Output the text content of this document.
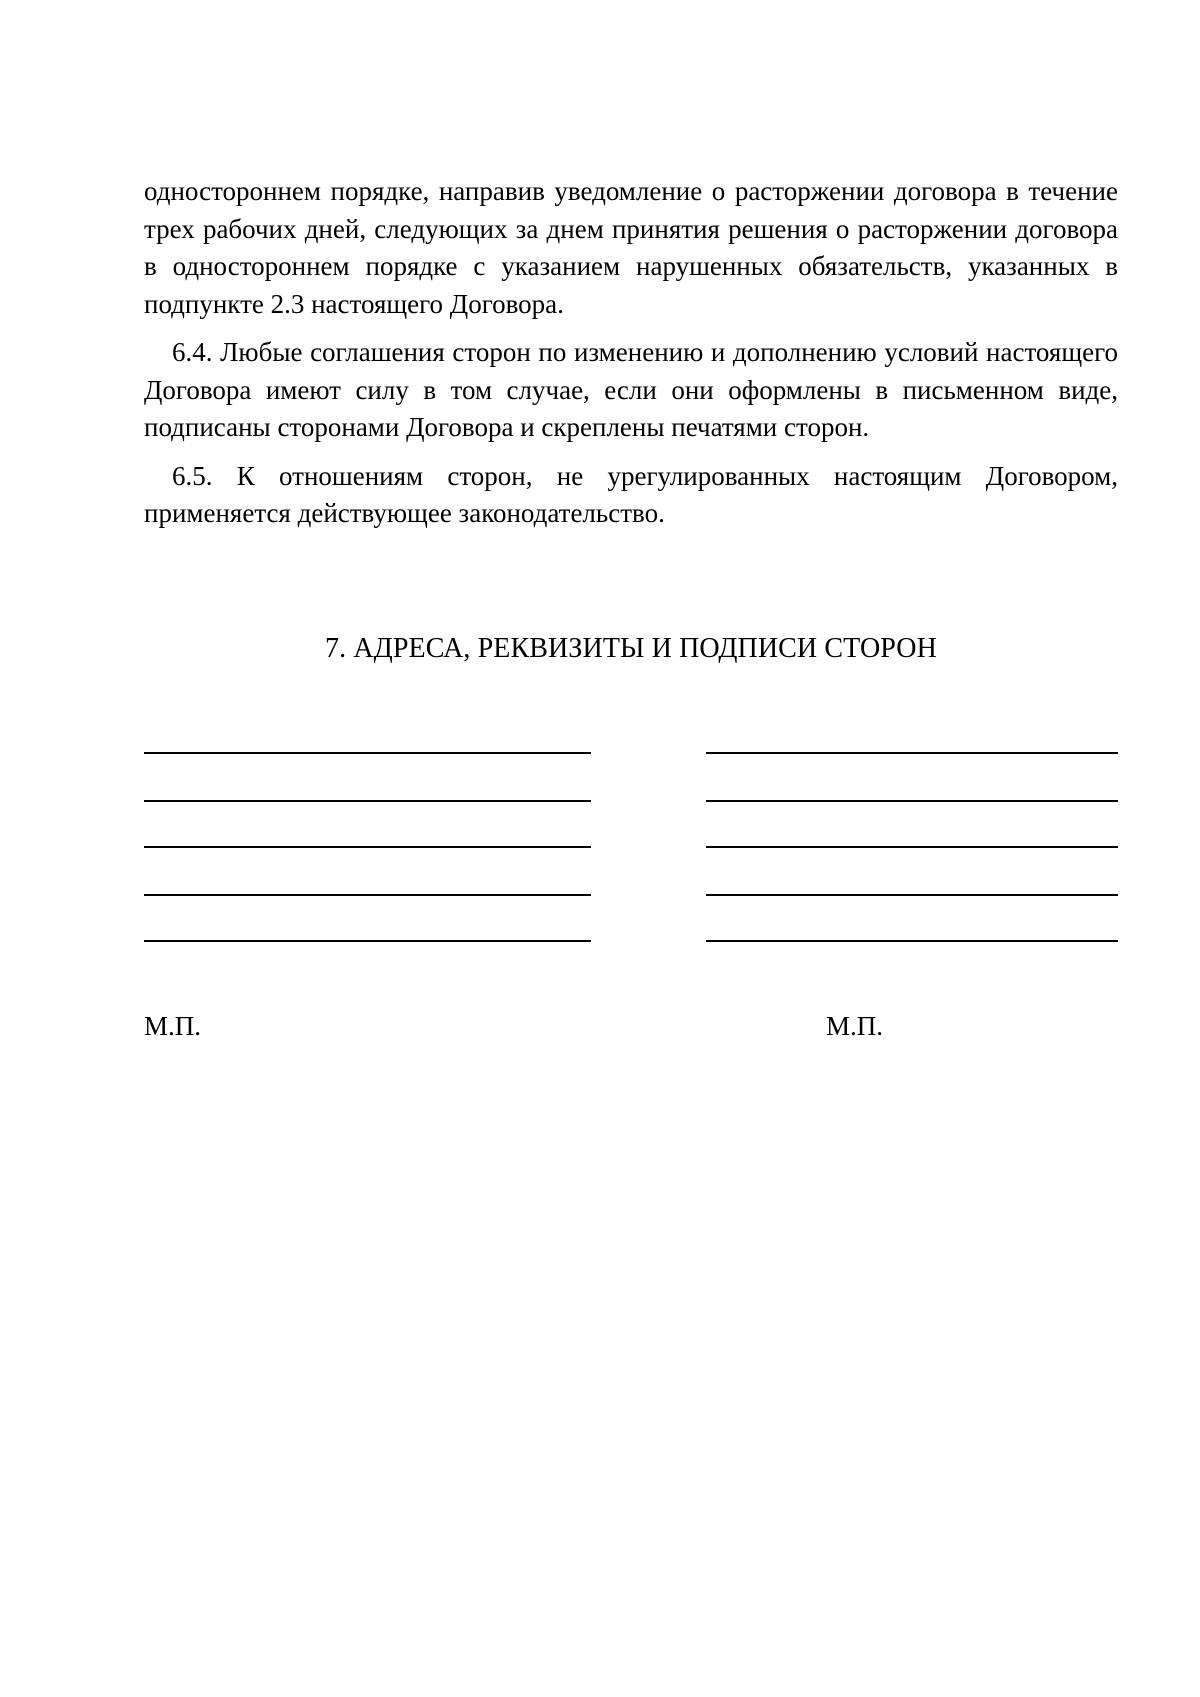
одностороннем порядке, направив уведомление о расторжении договора в течение трех рабочих дней, следующих за днем принятия решения о расторжении договора в одностороннем порядке с указанием нарушенных обязательств, указанных в подпункте 2.3 настоящего Договора.

6.4. Любые соглашения сторон по изменению и дополнению условий настоящего Договора имеют силу в том случае, если они оформлены в письменном виде, подписаны сторонами Договора и скреплены печатями сторон.

6.5. К отношениям сторон, не урегулированных настоящим Договором, применяется действующее законодательство.

7. АДРЕСА, РЕКВИЗИТЫ И ПОДПИСИ СТОРОН
М.П.	М.П.
